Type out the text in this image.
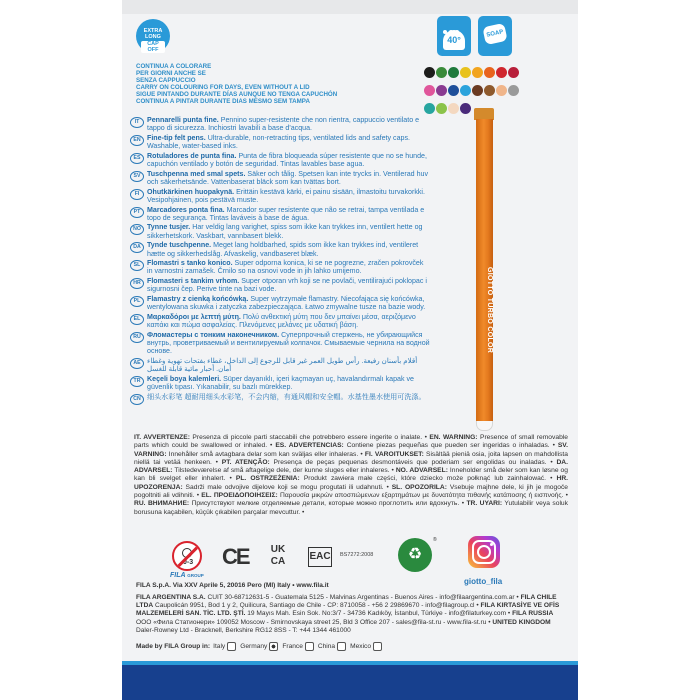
EXTRA LONG
CAP OFF
CONTINUA A COLORARE
PER GIORNI ANCHE SE
SENZA CAPPUCCIO
CARRY ON COLOURING FOR DAYS, EVEN WITHOUT A LID
SIGUE PINTANDO DURANTE DÍAS AUNQUE NO TENGA CAPUCHÓN
CONTINUA A PINTAR DURANTE DIAS MESMO SEM TAMPA
40°
SOAP
IT	Pennarelli punta fine. Pennino super-resistente che non rientra, cappuccio ventilato e tappo di sicurezza. Inchiostri lavabili a base d'acqua.
EN Fine-tip felt pens. Ultra-durable, non-retracting tips, ventilated lids and safety caps. Washable, water-based inks.
ES Rotuladores de punta fina. Punta de fibra bloqueada súper resistente que no se hunde, capuchón ventilado y botón de seguridad. Tintas lavables base agua.
SV Tuschpenna med smal spets. Säker och tålig. Spetsen kan inte trycks in. Ventilerad huv och säkerhetsände. Vattenbaserat bläck som kan tvättas bort.
FI	Ohutkärkinen huopakynä. Erittäin kestävä kärki, ei painu sisään, ilmastoitu turvakorkki. Vesipohjainen, pois pestävä muste.
PT Marcadores ponta fina. Marcador super resistente que não se retrai, tampa ventilada e topo de segurança. Tintas laváveis à base de água.
NO Tynne tusjer. Har veldig lang varighet, spiss som ikke kan trykkes inn, ventilert hette og sikkerhetskork. Vaskbart, vannbasert blekk.
DA Tynde tuschpenne. Meget lang holdbarhed, spids som ikke kan trykkes ind, ventileret hætte og sikkerhedslåg. Afvaskelig, vandbaseret blæk.
SL Flomastri s tanko konico. Super odporna konica, ki se ne pogrezne, zračen pokrovček in varnostni zamašek. Črnilo so na osnovi vode in jih lahko umijemo.
HR Flomasteri s tankim vrhom. Super otporan vrh koji se ne povlači, ventilirajući poklopac i sigurnosni čep. Perive tinte na bazi vode.
PL Flamastry z cienką końcówką. Super wytrzymałe flamastry. Niecofająca się końcówka, wentylowana skuwka i zatyczka zabezpieczająca. Łatwo zmywalne tusze na bazie wody.
EL Μαρκαδόροι με λεπτή μύτη. Πολύ ανθεκτική μύτη που δεν μπαίνει μέσα, αεριζόμενο καπάκι και πώμα ασφαλείας. Πλενόμενες μελάνες με υδατική βάση.
RU Фломастеры с тонким наконечником. Суперпрочный стержень, не убирающийся внутрь, проветриваемый и вентилируемый колпачок. Смываемые чернила на водной основе.
AE أقلام بأسنان رفيعة. رأس طويل العمر غير قابل للرجوع إلى الداخل، غطاء بفتحات تهوية وغطاء أمان. أحبار مائية قابلة للغسل
TR Keçeli boya kalemleri. Süper dayanıklı, içeri kaçmayan uç, havalandırmalı kapak ve güvenlik tıpası. Yıkanabilir, su bazlı mürekkep.
CN 细头水彩笔 超耐用细头水彩笔，不会内缩，有通风帽和安全帽。水基性墨水使用可洗涤。
GIOTTO TURBO COLOR
IT. AVVERTENZE: Presenza di piccole parti staccabili che potrebbero essere ingerite o inalate. • EN. WARNING: Presence of small removable parts which could be swallowed or inhaled. • ES. ADVERTENCIAS: Contiene piezas pequeñas que pueden ser ingeridas o inhaladas. • SV. VARNING: Innehåller små avtagbara delar som kan sväljas eller inhaleras. • FI. VAROITUKSET: Sisältää pieniä osia, joita lapsen on mahdollista niellä tai vetää henkeen. • PT. ATENÇÃO: Presença de peças pequenas desmontáveis que poderiam ser engolidas ou inaladas. • DA. ADVARSEL: Tilstedeværelse af små aftagelige dele, der kunne sluges eller inhaleres. • NO. ADVARSEL: Inneholder små deler som kan løsne og kan bli svelget eller inhalert. • PL. OSTRZEŻENIA: Produkt zawiera małe części, które dziecko może połknąć lub zainhalować. • HR. UPOZORENJA: Sadrži male odvojive dijelove koji se mogu progutati ili udahnuti. • SL. OPOZORILA: Vsebuje majhne dele, ki jih je mogoče pogoltniti ali vdihniti. • EL. ΠΡΟΕΙΔΟΠΟΙΗΣΕΙΣ: Παρουσία μικρών αποσπώμενων εξαρτημάτων με δυνατότητα πιθανής κατάποσης ή εισπνοής. • RU. ВНИМАНИЕ: Присутствуют мелкие отделяемые детали, которые можно проглотить или вдохнуть. • TR. UYARI: Yutulabilir veya soluk borusuna kaçabilen, küçük çıkabilen parçalar mevcuttur. •
0-3 CE	UK
CA	EAC BS7272:2008	♻
®
giotto_fila
FILA GROUP
FILA S.p.A. Via XXV Aprile 5, 20016 Pero (MI) Italy • www.fila.it
FILA ARGENTINA S.A. CUIT 30-68712631-5 - Guatemala 5125 - Malvinas Argentinas - Buenos Aires - info@filaargentina.com.ar • FILA CHILE LTDA Caupolicán 9951, Bod 1 y 2, Quilicura, Santiago de Chile - CP: 8710058 - +56 2 29869670 - info@filagroup.cl • FILA KIRTASİYE VE OFİS MALZEMELERİ SAN. TİC. LTD. ŞTİ. 19 Mayıs Mah. Esin Sok. No:3/7 - 34736 Kadıköy, İstanbul, Türkiye - info@filaturkey.com • FILA RUSSIA ООО «Фила Статионери» 109052 Moscow - Smirnovskaya street 25, Bld 3 Office 207 - sales@fila-st.ru - www.fila-st.ru • UNITED KINGDOM Daler-Rowney Ltd - Bracknell, Berkshire RG12 8SS - T: +44 1344 461000
Made by FILA Group in: Italy Germany France China Mexico
